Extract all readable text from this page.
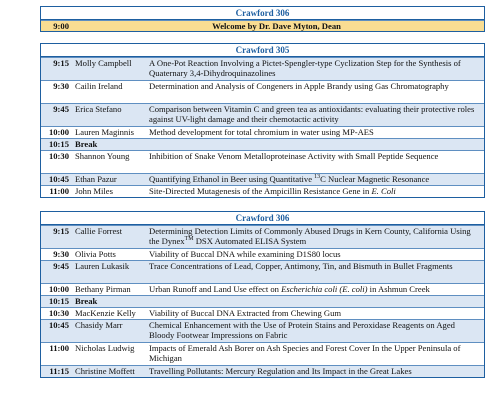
Crawford 306
9:00	Welcome by Dr. Dave Myton, Dean
Crawford 305
9:15 Molly Campbell	A One-Pot Reaction Involving a Pictet-Spengler-type Cyclization Step for the Synthesis of Quaternary 3,4-Dihydroquinazolines
9:30 Cailin Ireland	Determination and Analysis of Congeners in Apple Brandy using Gas Chromatography
9:45 Erica Stefano	Comparison between Vitamin C and green tea as antioxidants: evaluating their protective roles against UV-light damage and their chemotactic activity
10:00 Lauren Maginnis	Method development for total chromium in water using MP-AES
10:15 Break
10:30 Shannon Young	Inhibition of Snake Venom Metalloproteinase Activity with Small Peptide Sequence
10:45 Ethan Pazur	Quantifying Ethanol in Beer using Quantitative $^{13}$C Nuclear Magnetic Resonance
11:00 John Miles	Site-Directed Mutagenesis of the Ampicillin Resistance Gene in E. Coli
Crawford 306
9:15 Callie Forrest	Determining Detection Limits of Commonly Abused Drugs in Kern County, California Using the Dynex™ DSX Automated ELISA System
9:30 Olivia Potts	Viability of Buccal DNA while examining D1S80 locus
9:45 Lauren Lukasik	Trace Concentrations of Lead, Copper, Antimony, Tin, and Bismuth in Bullet Fragments
10:00 Bethany Pirman	Urban Runoff and Land Use effect on Escherichia coli (E. coli) in Ashmun Creek
10:15 Break
10:30 MacKenzie Kelly	Viability of Buccal DNA Extracted from Chewing Gum
10:45 Chasidy Marr	Chemical Enhancement with the Use of Protein Stains and Peroxidase Reagents on Aged Bloody Footwear Impressions on Fabric
11:00 Nicholas Ludwig	Impacts of Emerald Ash Borer on Ash Species and Forest Cover In the Upper Peninsula of Michigan
11:15 Christine Moffett	Travelling Pollutants: Mercury Regulation and Its Impact in the Great Lakes
